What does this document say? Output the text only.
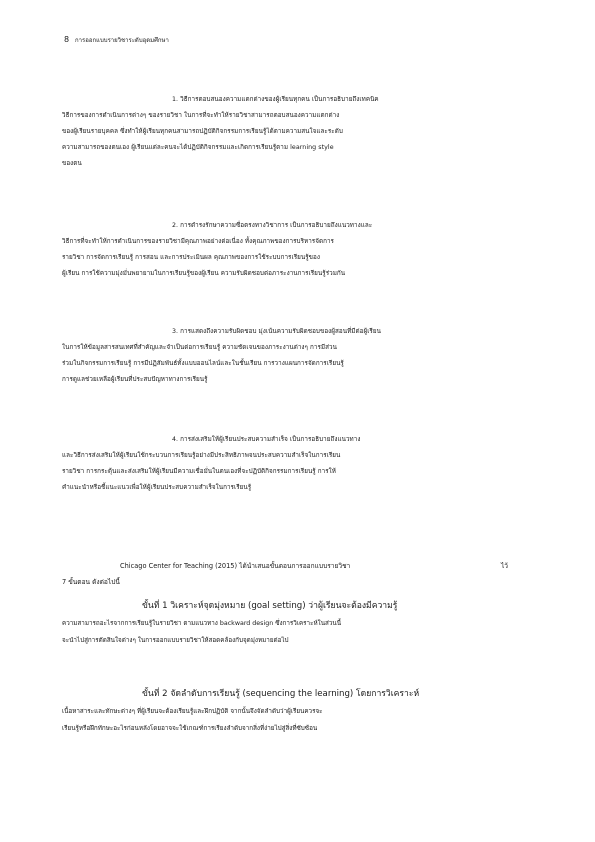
8 การออกแบบรายวิชาระดับอุดมศึกษา
1. วิธีการตอบสนองความแตกต่างของผู้เรียนทุกคน เป็นการอธิบายถึงเทคนิค
วิธีการของการดำเนินการต่างๆ ของรายวิชา ในการที่จะทำให้รายวิชาสามารถตอบสนองความแตกต่าง
ของผู้เรียนรายบุคคล ซึ่งทำให้ผู้เรียนทุกคนสามารถปฏิบัติกิจกรรมการเรียนรู้ได้ตามความสนใจและระดับ
ความสามารถของตนเอง ผู้เรียนแต่ละคนจะได้ปฏิบัติกิจกรรมและเกิดการเรียนรู้ตาม learning style
ของตน
2. การดำรงรักษาความซื่อตรงทางวิชาการ เป็นการอธิบายถึงแนวทางและ
วิธีการที่จะทำให้การดำเนินการของรายวิชามีคุณภาพอย่างต่อเนื่อง ทั้งคุณภาพของการบริหารจัดการ
รายวิชา การจัดการเรียนรู้ การสอน และการประเมินผล คุณภาพของการใช้ระบบการเรียนรู้ของ
ผู้เรียน การใช้ความมุ่งมั่นพยายามในการเรียนรู้ของผู้เรียน ความรับผิดชอบต่อภาระงานการเรียนรู้ร่วมกัน
3. การแสดงถึงความรับผิดชอบ มุ่งเน้นความรับผิดชอบของผู้สอนที่มีต่อผู้เรียน
ในการให้ข้อมูลสารสนเทศที่สำคัญและจำเป็นต่อการเรียนรู้ ความชัดเจนของภาระงานต่างๆ การมีส่วน
ร่วมในกิจกรรมการเรียนรู้ การมีปฏิสัมพันธ์ทั้งแบบออนไลน์และในชั้นเรียน การวางแผนการจัดการเรียนรู้
การดูแลช่วยเหลือผู้เรียนที่ประสบปัญหาทางการเรียนรู้
4. การส่งเสริมให้ผู้เรียนประสบความสำเร็จ เป็นการอธิบายถึงแนวทาง
และวิธีการส่งเสริมให้ผู้เรียนใช้กระบวนการเรียนรู้อย่างมีประสิทธิภาพจนประสบความสำเร็จในการเรียน
รายวิชา การกระตุ้นและส่งเสริมให้ผู้เรียนมีความเชื่อมั่นในตนเองที่จะปฏิบัติกิจกรรมการเรียนรู้ การให้
คำแนะนำหรือชี้แนะแนวเพื่อให้ผู้เรียนประสบความสำเร็จในการเรียนรู้
Chicago Center for Teaching (2015) ได้นำเสนอขั้นตอนการออกแบบรายวิชา	ไว้
7 ขั้นตอน ดังต่อไปนี้
ขั้นที่ 1 วิเคราะห์จุดมุ่งหมาย (goal setting) ว่าผู้เรียนจะต้องมีความรู้
ความสามารถอะไรจากการเรียนรู้ในรายวิชา ตามแนวทาง backward design ซึ่งการวิเคราะห์ในส่วนนี้
จะนำไปสู่การตัดสินใจต่างๆ ในการออกแบบรายวิชาให้สอดคล้องกับจุดมุ่งหมายต่อไป
ขั้นที่ 2 จัดลำดับการเรียนรู้ (sequencing the learning) โดยการวิเคราะห์
เนื้อหาสาระและทักษะต่างๆ ที่ผู้เรียนจะต้องเรียนรู้และฝึกปฏิบัติ จากนั้นจึงจัดลำดับว่าผู้เรียนควรจะ
เรียนรู้หรือฝึกทักษะอะไรก่อนหลังโดยอาจจะใช้เกณฑ์การเรียงลำดับจากสิ่งที่ง่ายไปสู่สิ่งที่ซับซ้อน
